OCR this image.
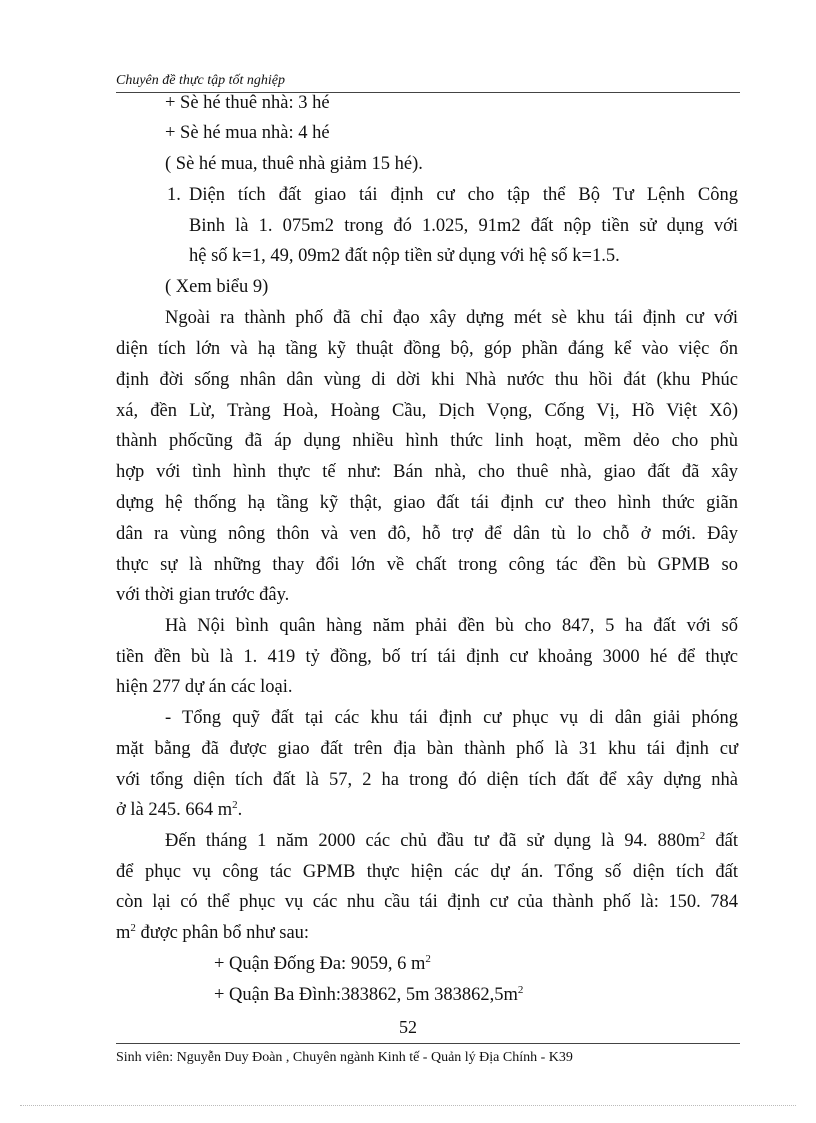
Chuyên đề thực tập tốt nghiệp
+ Sè hé thuê nhà: 3 hé
+ Sè hé mua nhà: 4 hé
( Sè hé mua, thuê nhà giảm 15 hé).
1. Diện tích đất giao tái định cư cho tập thể Bộ Tư Lệnh Công
Binh là 1. 075m2 trong đó 1.025, 91m2 đất nộp tiền sử dụng với
hệ số k=1, 49, 09m2 đất nộp tiền sử dụng với hệ số k=1.5.
( Xem biểu 9)
Ngoài ra thành phố đã chỉ đạo xây dựng mét sè khu tái định cư với
diện tích lớn và hạ tầng kỹ thuật đồng bộ, góp phần đáng kể vào việc ổn
định đời sống nhân dân vùng di dời khi Nhà nước thu hồi đát (khu Phúc
xá, đền Lừ, Tràng Hoà, Hoàng Cầu, Dịch Vọng, Cống Vị, Hồ Việt Xô)
thành phốcũng đã áp dụng nhiều hình thức linh hoạt, mềm dẻo cho phù
hợp với tình hình thực tế như: Bán nhà, cho thuê nhà, giao đất đã xây
dựng hệ thống hạ tầng kỹ thật, giao đất tái định cư theo hình thức giãn
dân ra vùng nông thôn và ven đô, hỗ trợ để dân tù lo chỗ ở mới. Đây
thực sự là những thay đổi lớn về chất trong công tác đền bù GPMB so
với thời gian trước đây.
Hà Nội bình quân hàng năm phải đền bù cho 847, 5 ha đất với số
tiền đền bù là 1. 419 tỷ đồng, bố trí tái định cư khoảng 3000 hé để thực
hiện 277 dự án các loại.
- Tổng quỹ đất tại các khu tái định cư phục vụ di dân giải phóng
mặt bằng đã được giao đất trên địa bàn thành phố là 31 khu tái định cư
với tổng diện tích đất là 57, 2 ha trong đó diện tích đất để xây dựng nhà
ở là 245. 664 $m^2$.
Đến tháng 1 năm 2000 các chủ đầu tư đã sử dụng là 94. $880m^2$ đất
để phục vụ công tác GPMB thực hiện các dự án. Tổng số diện tích đất
còn lại có thể phục vụ các nhu cầu tái định cư của thành phố là: 150. 784
$m^2$ được phân bổ như sau:
+ Quận Đống Đa: 9059, 6 $m^2$
+ Quận Ba Đình:383862, 5m $383862,5m^2$
52
Sinh viên: Nguyễn Duy Đoàn , Chuyên ngành Kinh tế - Quản lý Địa Chính - K39
